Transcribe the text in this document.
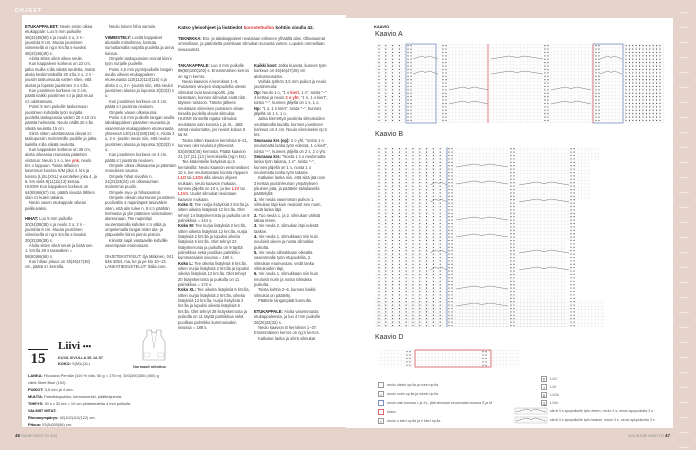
OHJEET

ETUKAPPALEET: Neulo ensin oikea etukappale: Luo 5 mm puikoille 38(42)46(50) s ja neulo 2 o, 2 n -joustinta 8 cm. Muuta joustimen viimeisellä oi ng:n krs:lla s-luvuksi 38(42)46(48) s.

Aloita sitten sileä oikea neule.

Kun kappaleen korkeus on 22 cm, jatka muilla s:illa sileää neuletta, mutta aloita keskimmäisillä 20 s:lla 2 o, 2 n -joustin taskunsuuta varten siten, että aloitat ja lopetat joustimen 3 o s:lla.

Kun joustimen korkeus on 3 cm, päätä kaikki joustimen s:t ja jätä muut s:t odottamaan.

Poimi 5 mm puikolle taskunsuun joustimen kohdalla työn nurjalta puolelta taskupussia varten 20 s 10 cm päästä helmasta. Neulo näillä 20 s:lla sileää neuletta 15 cm.

Siirrä sitten odottamassa olevat s:t taskupussin molemmille puolille ja jatka kaikilla s:illa sileää neuletta.

Kun kappaleen korkeus on 36 cm, aloita oikeassa reunassa pääntien viistotus: Neulo 1 s o, tee ynk, neulo krs o loppuun. Toista tällainen kavennus koossa S/M joka 4. krs ja koissa (L)XL(XXL) vuorotellen joka 4. ja 6. krs vielä 9(11)11(13) kertaa.

HUOM! Kun kappaleen korkeus on 64(65)66(67) cm, päätä sivusta lähtien olan s:t kuten takana.

Neulo vasen etukappale oikean peilikuvaksi.

HIHAT: Luo 5 mm puikolle 30(34)38(38) s ja neulo 2 o, 2 n -joustinta 8 cm. Muuta joustimen viimeisellä oi ng:n krs:lla s-luvuksi 30(32)36(38) s.

Aloita sitten sileä neule ja lisää sen 1. krs:lla 28 s tasavälein = 58(60)66(66) s.

Kun hihan pituus on 45(46)47(48) cm, päätä s:t kerralla.

Neulo toinen hiha samoin.

VIIMEISTELY: Levitä kappaleet alustalle mittoihinsa, kostuta sumuttamalla nurjalta puolelta ja anna kuivua.

Ompele taskupussien reunat kiinni työn nurjalle puolelle.

Poimi 4,5 mm pyöröpuikolle langan avulla oikean etukappaleen etureunasta 110(112)114(116) s ja aloita 2 o, 2 n -joustin niin, että neulot joustimen alussa ja lopussa 3(3)3(3) s o.

Kun joustimen korkeus on 4 cm, päätä s:t joustinta neuloen.

Ompele vasen olkasauma.

Poimi 4,5 mm puikolle langan avulla takakappaleen pääntien reunasta ja vasemman etukappaleen etureunasta yhteensä 140(144)150(156) s. Aloita 2 o, 2 n -joustin neule niin, että neulot joustimen alussa ja lopussa 3(3)3(3) s o.

Kun joustimen korkeus on 4 cm, päätä s:t joustinta neuloen.

Ompele oikea olkasauma ja pääntien reunuksen sauma.

Ompele hihat sivuihin n. 21(22)23(24) cm olkasauman molemmin puolin.

Ompele sivu- ja hihasaumat.

Ompele oikean etureunan joustimen puoliväliin 4 napinläpeä tasavälein siten, että alin tulee n. 8 s:n päähän helmasta ja ylin pääntien viistotuksen alareunaan. Tee napinläpi suurentamalla kahden s:n väliä ja ompelemalla langat reiän ala- ja yläpuolelle kiinni pienin pistoin.

Kiinnitä napit vastaaville kohdille vasempaan etureunaan.

OHJETEKSTI/ISUT: Ilja Mäkinen, 041 546 3054, ma, ke ja pe klo 10–13. LANKATIEDUSTELUT: Italia.com.

Katso yleisohjeet ja lisätiedot korostettuihin kohtiin sivulla 42.

TEKNIIKKA: Etu- ja takakappaleet neulotaan erikseen ylhäältä alas. Olkasaumat ommellaan, ja pääntieltä poimitaan silmukat reunusta varten. Lopuksi ommellaan sivusaumat.

TAKAKAPPALE: Luo 4 mm puikolle 88(88)100(100) s. Ensimmäinen kerros on ng:n kerros.

Neulo kaavion A kerrokset 1–5. Punaisten viivojen sisäpuolella olevat silmukat ovat kuvioraportti, jota toistetaan, kunnes silmukat eivät riitä täyteen toistoon. Tämän jälkeen neulotaan viimeisen punaisen viivan toisella puolella olevat silmukat. HUOM! Sinisellä rajatut silmukat neulotaan vain koossa L ja XL. Jätä nämä neulomatta, jos neulot kokoa S tai M.

Toista sitten kaavion kerroksia 6–21, kunnes olet neulonut yhteensä 53(49)53(45) kerrosta. Päätä kaavion 21.(17.)21.(13.) kerroksella (ng:n krs).

Tee kädenteille lisäyksiä op:n kerroksilla: Neulo kaavion ensimmäiset 10 s, tee neulomastasi koosta riippuen L1O tai L1On alla olevan ohjeen mukaan, neulo kaavion mukaan, kunnes jäljellä on 10 s, ja tee L1V tai L1Vn. Uudet silmukat neulotaan kaavion mukaan.

Koko S: Tee nurjia lisäyksiä 2 krs:lla ja sitten oikeita lisäyksiä 12 krs:lla. Olet tehnyt 14 lisäyskerrosta ja puikolla on 9 palmikkoa = 144 s.

Koko M: Tee nurjia lisäyksiä 2 krs:lla, sitten oikeita lisäyksiä 12 krs:lla, nurjia lisäyksiä 2 krs:lla ja lopuksi oikeita lisäyksiä 6 krs:lla. Olet tehnyt 22 lisäyskerrosta ja puikolla on 9 täyttä palmikkoa sekä puolikas palmikko kummassakin sivussa = 160 s.

Koko L: Tee oikeita lisäyksiä 6 krs:lla, sitten nurjia lisäyksiä 2 krs:lla ja lopuksi oikeita lisäyksiä 12 krs:lla. Olet tehnyt 20 lisäyskerrosta ja puikolla on 11 palmikkoa = 172 s.

Koko XL: Tee oikeita lisäyksiä 6 krs:lla, sitten nurjia lisäyksiä 2 krs:lla, oikeita lisäyksiä 12 krs:lla, nurjia lisäyksiä 2 krs:lla ja lopuksi oikeita lisäyksiä 6 krs:lla. Olet tehnyt 28 lisäyskerrosta ja puikolla on 11 täyttä palmikkoa sekä puolikas palmikko kummassakin sivussa = 188 s.

Kaikki koot: Jatka kuviota, kunnes työn korkeus on 45(46)47(48) cm aloitusreunasta.

Vaihda työhön 3,5 mm puikot ja neulo joustinreuna:

Op: Neulo 1 o, "1 o kiert, 1 n", toista "–" 4 kertaa ja neulo 2 o yht, "1 n, 1 o kiert", toista "–", kunnes jäljellä on 1 s, 1 o.

Np: "1 o, 1 n kiert", toista "–", kunnes jäljellä on 1 s, 1 o.

Jatka kierrettyä joustinta silmukoiden osoittamalla tavalla, kunnes joustimen korkeus on 4 cm. Neulo viimeiseksi np:n krs.

Seuraava krs (op): 2 o yht, "nosta 1 n neulomatta lanka työn edessä, 1 o kiert", toista "–", kunnes jäljellä on 2 s, 2 o yht.

Seuraava krs: "Nosta 1 s o neulomatta lanka työn takana, 1 n", toista "–", kunnes jäljellä on 1 s, nosta 1 o neulomatta lanka työn takana.

Katkaise lanka niin, että siitä jää noin 3 kertaa joustinreunan ympäryksen pituinen pää, ja päättele italialaisella päättelyllä:

1. Vie neula vasemman puikon 1. silmukan läpi kuin neuloisit sen nurin, vedä lanka läpi.

2. Tuo neula 1. ja 2. silmukan välistä takaa eteen.

3. Vie neula 2. silmukan läpi edestä taakse.

4. Vie neula 1. silmukkaan niin kuin neuloisit oikein ja nosta silmukka puikolta.

5. Vie neula silmukkaan oikealta vasemmalle työn etupuolella, 2. silmukan etureunaan, vedä lanka silmukoiden läpi.

6. Vie neula 1. silmukkaan niin kuin neuloisit nurin ja nosta silmukka puikolta.

Toista kohtia 2–6, kunnes kaikki silmukat on päätelty.

Päättele langanpäät kunnolla.

ETUKAPPALE: Aloita vasemmasta etukappaleesta, ja luo 4 mm puikolle 26(26)32(32) s.

Neulo kaavion B kerrokset 1–37. Ensimmäinen kerros on ng:n kerros.

Katkaise lanka ja siirrä silmukat

15
Liivi •••
KUVA SIVULLA 56 JA 57
KOKO: S(M)L(XL)
Normaali mitoitus
LANKA: Filcolana Pernilla (100 % villa, 50 g = 175 m): 300(300)350 (400) g väriä Steel Blue (192).
PUIKOT: 3,5 mm ja 4 mm.
MUUTA: Palmikkopuikko, kerrosmerkki, päättelyneula.
TIHEYS: 30 s x 32 krs = 10 cm pintaneuletta 4 mm puikolla.
VALMIIT MITAT:
Rinnanympärys: 92(102)112(122) cm.
Pituus: 53(54)55(56) cm.
KAAVIO
Kaavio A
Kaavio B
Kaavio D
neulo oikein op:lla ja nurin np:lla
•	neulo nurin op:lla ja oikein np:lla
neulo vain koossa L ja XL, jätä silmukat neulomatta koossa S ja M
toisto
ł	neulo o kiert op:lla ja n kiert np:lla
Ɏ	L1O
Ɨ	L1V
Ʀ	L1On
Ɋ	L1Vn
siirrä 3 s apupuikolle työn eteen, neulo 3 s, neulo apupuikolta 3 s
siirrä 3 s apupuikolle työn taakse, neulo 3 s, neulo apupuikolta 3 s
46 SUURI KÄSITYÖ 3/24	3/24 SUURI KÄSITYÖ 47
